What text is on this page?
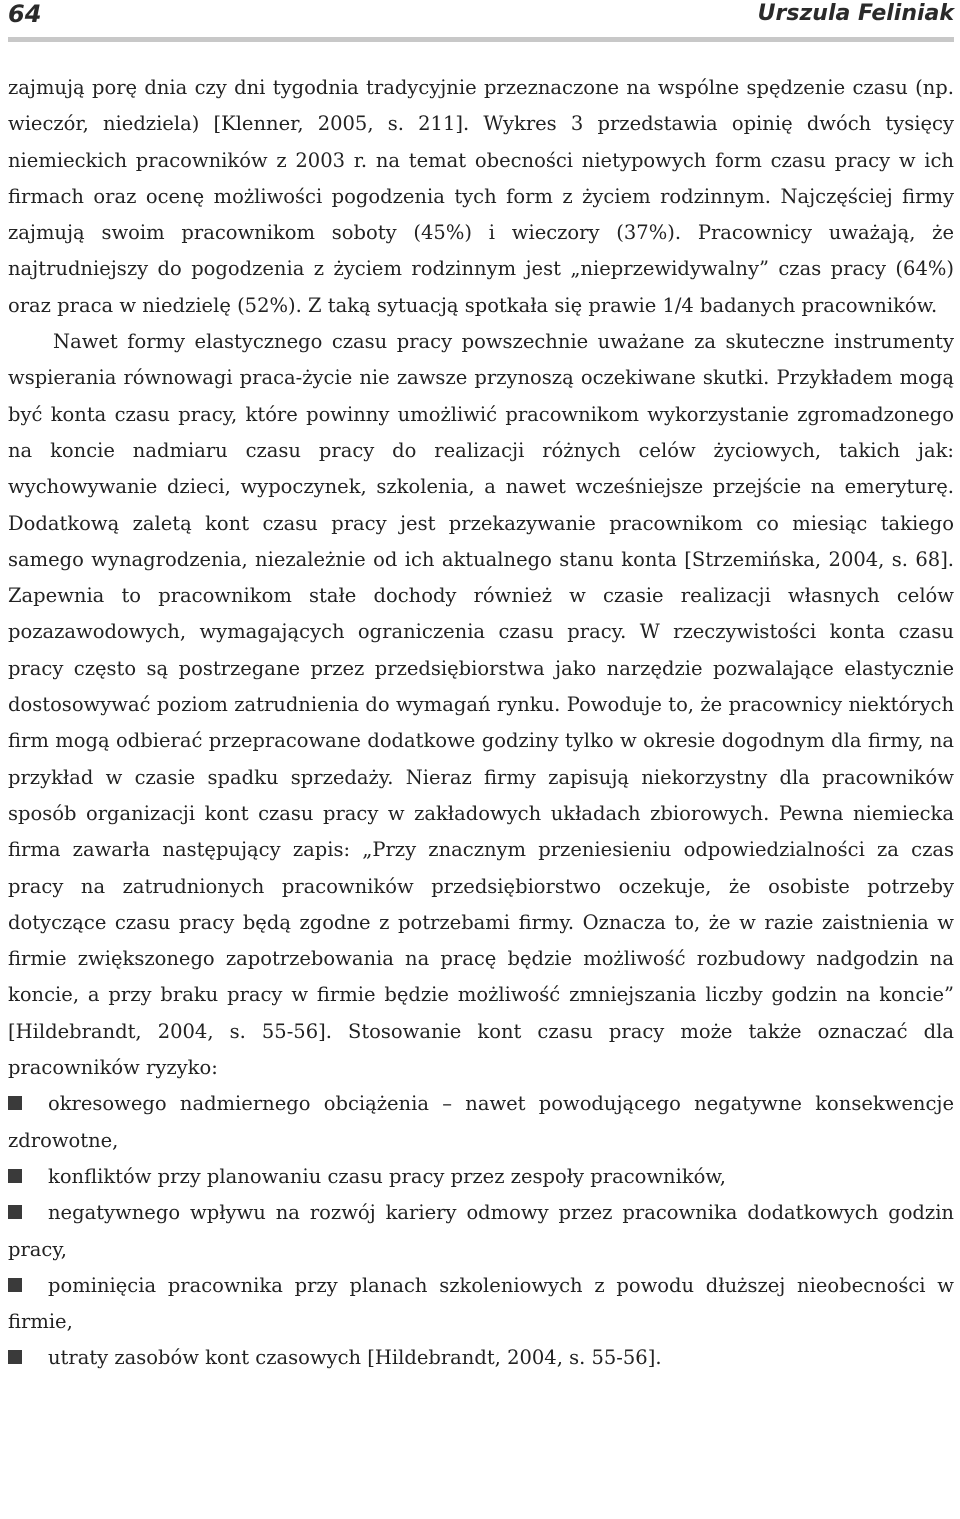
64	Urszula Feliniak

zajmują porę dnia czy dni tygodnia tradycyjnie przeznaczone na wspólne spędzenie czasu (np. wieczór, niedziela) [Klenner, 2005, s. 211]. Wykres 3 przedstawia opinię dwóch tysięcy niemieckich pracowników z 2003 r. na temat obecności nietypowych form czasu pracy w ich firmach oraz ocenę możliwości pogodzenia tych form z życiem rodzinnym. Najczęściej firmy zajmują swoim pracownikom soboty (45%) i wieczory (37%). Pracownicy uważają, że najtrudniejszy do pogodzenia z życiem rodzinnym jest „nieprzewidywalny” czas pracy (64%) oraz praca w niedzielę (52%). Z taką sytuacją spotkała się prawie 1/4 badanych pracowników.

Nawet formy elastycznego czasu pracy powszechnie uważane za skuteczne instrumenty wspierania równowagi praca-życie nie zawsze przynoszą oczekiwane skutki. Przykładem mogą być konta czasu pracy, które powinny umożliwić pracownikom wykorzystanie zgromadzonego na koncie nadmiaru czasu pracy do realizacji różnych celów życiowych, takich jak: wychowywanie dzieci, wypoczynek, szkolenia, a nawet wcześniejsze przejście na emeryturę. Dodatkową zaletą kont czasu pracy jest przekazywanie pracownikom co miesiąc takiego samego wynagrodzenia, niezależnie od ich aktualnego stanu konta [Strzemińska, 2004, s. 68]. Zapewnia to pracownikom stałe dochody również w czasie realizacji własnych celów pozazawodowych, wymagających ograniczenia czasu pracy. W rzeczywistości konta czasu pracy często są postrzegane przez przedsiębiorstwa jako narzędzie pozwalające elastycznie dostosowywać poziom zatrudnienia do wymagań rynku. Powoduje to, że pracownicy niektórych firm mogą odbierać przepracowane dodatkowe godziny tylko w okresie dogodnym dla firmy, na przykład w czasie spadku sprzedaży. Nieraz firmy zapisują niekorzystny dla pracowników sposób organizacji kont czasu pracy w zakładowych układach zbiorowych. Pewna niemiecka firma zawarła następujący zapis: „Przy znacznym przeniesieniu odpowiedzialności za czas pracy na zatrudnionych pracowników przedsiębiorstwo oczekuje, że osobiste potrzeby dotyczące czasu pracy będą zgodne z potrzebami firmy. Oznacza to, że w razie zaistnienia w firmie zwiększonego zapotrzebowania na pracę będzie możliwość rozbudowy nadgodzin na koncie, a przy braku pracy w firmie będzie możliwość zmniejszania liczby godzin na koncie” [Hildebrandt, 2004, s. 55-56]. Stosowanie kont czasu pracy może także oznaczać dla pracowników ryzyko:

okresowego nadmiernego obciążenia – nawet powodującego negatywne konsekwencje zdrowotne,
konfliktów przy planowaniu czasu pracy przez zespoły pracowników,
negatywnego wpływu na rozwój kariery odmowy przez pracownika dodatkowych godzin pracy,
pominięcia pracownika przy planach szkoleniowych z powodu dłuższej nieobecności w firmie,
utraty zasobów kont czasowych [Hildebrandt, 2004, s. 55-56].
